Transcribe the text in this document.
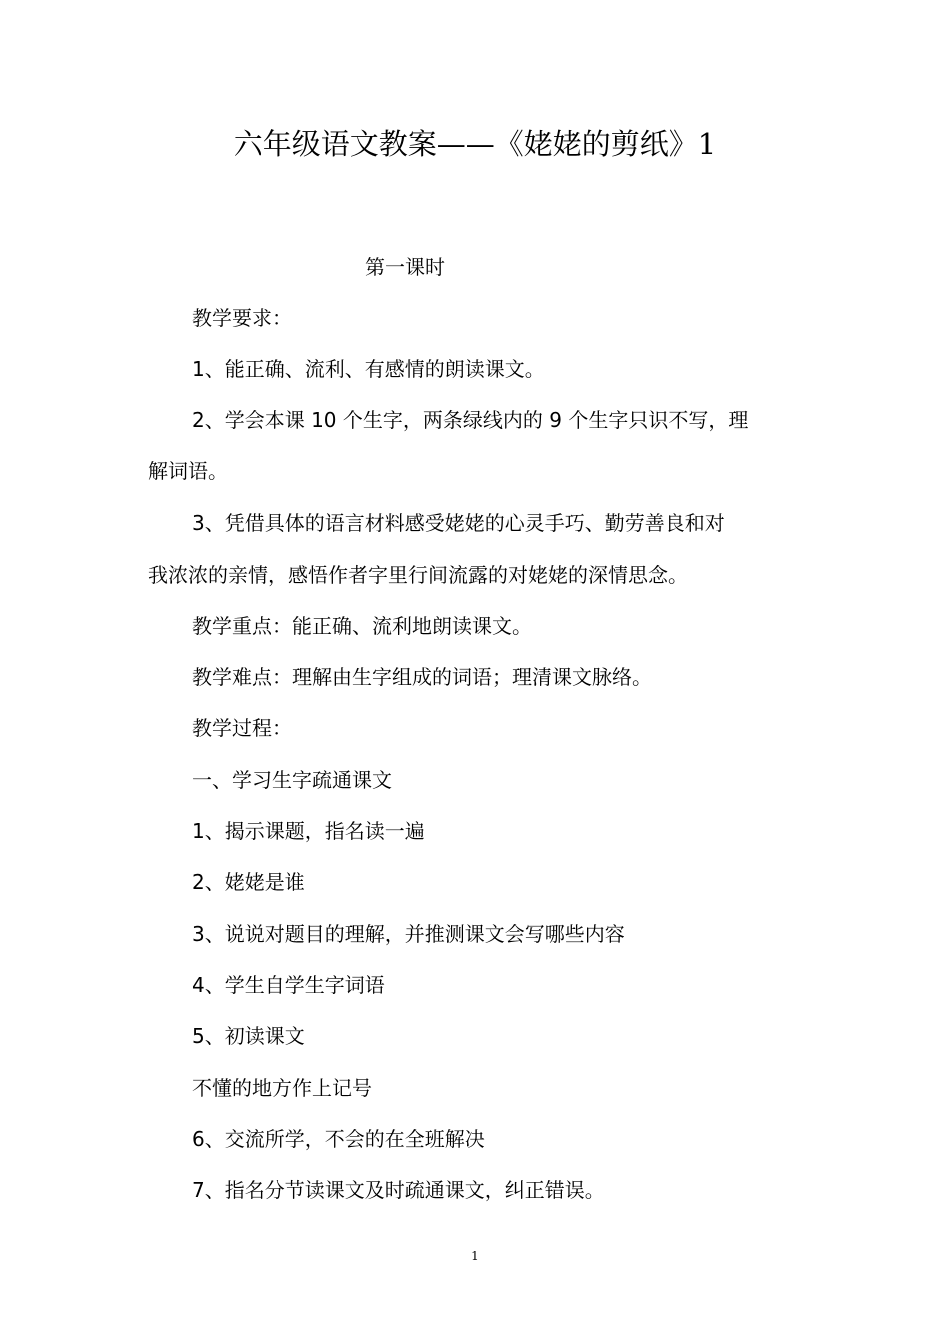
六年级语文教案——《姥姥的剪纸》1

第一课时

教学要求：

1、能正确、流利、有感情的朗读课文。

2、学会本课 10 个生字，两条绿线内的 9 个生字只识不写，理

解词语。

3、凭借具体的语言材料感受姥姥的心灵手巧、勤劳善良和对

我浓浓的亲情，感悟作者字里行间流露的对姥姥的深情思念。

教学重点：能正确、流利地朗读课文。

教学难点：理解由生字组成的词语；理清课文脉络。

教学过程：

一、学习生字疏通课文

1、揭示课题，指名读一遍

2、姥姥是谁

3、说说对题目的理解，并推测课文会写哪些内容

4、学生自学生字词语

5、初读课文

不懂的地方作上记号

6、交流所学，不会的在全班解决

7、指名分节读课文及时疏通课文，纠正错误。

1
